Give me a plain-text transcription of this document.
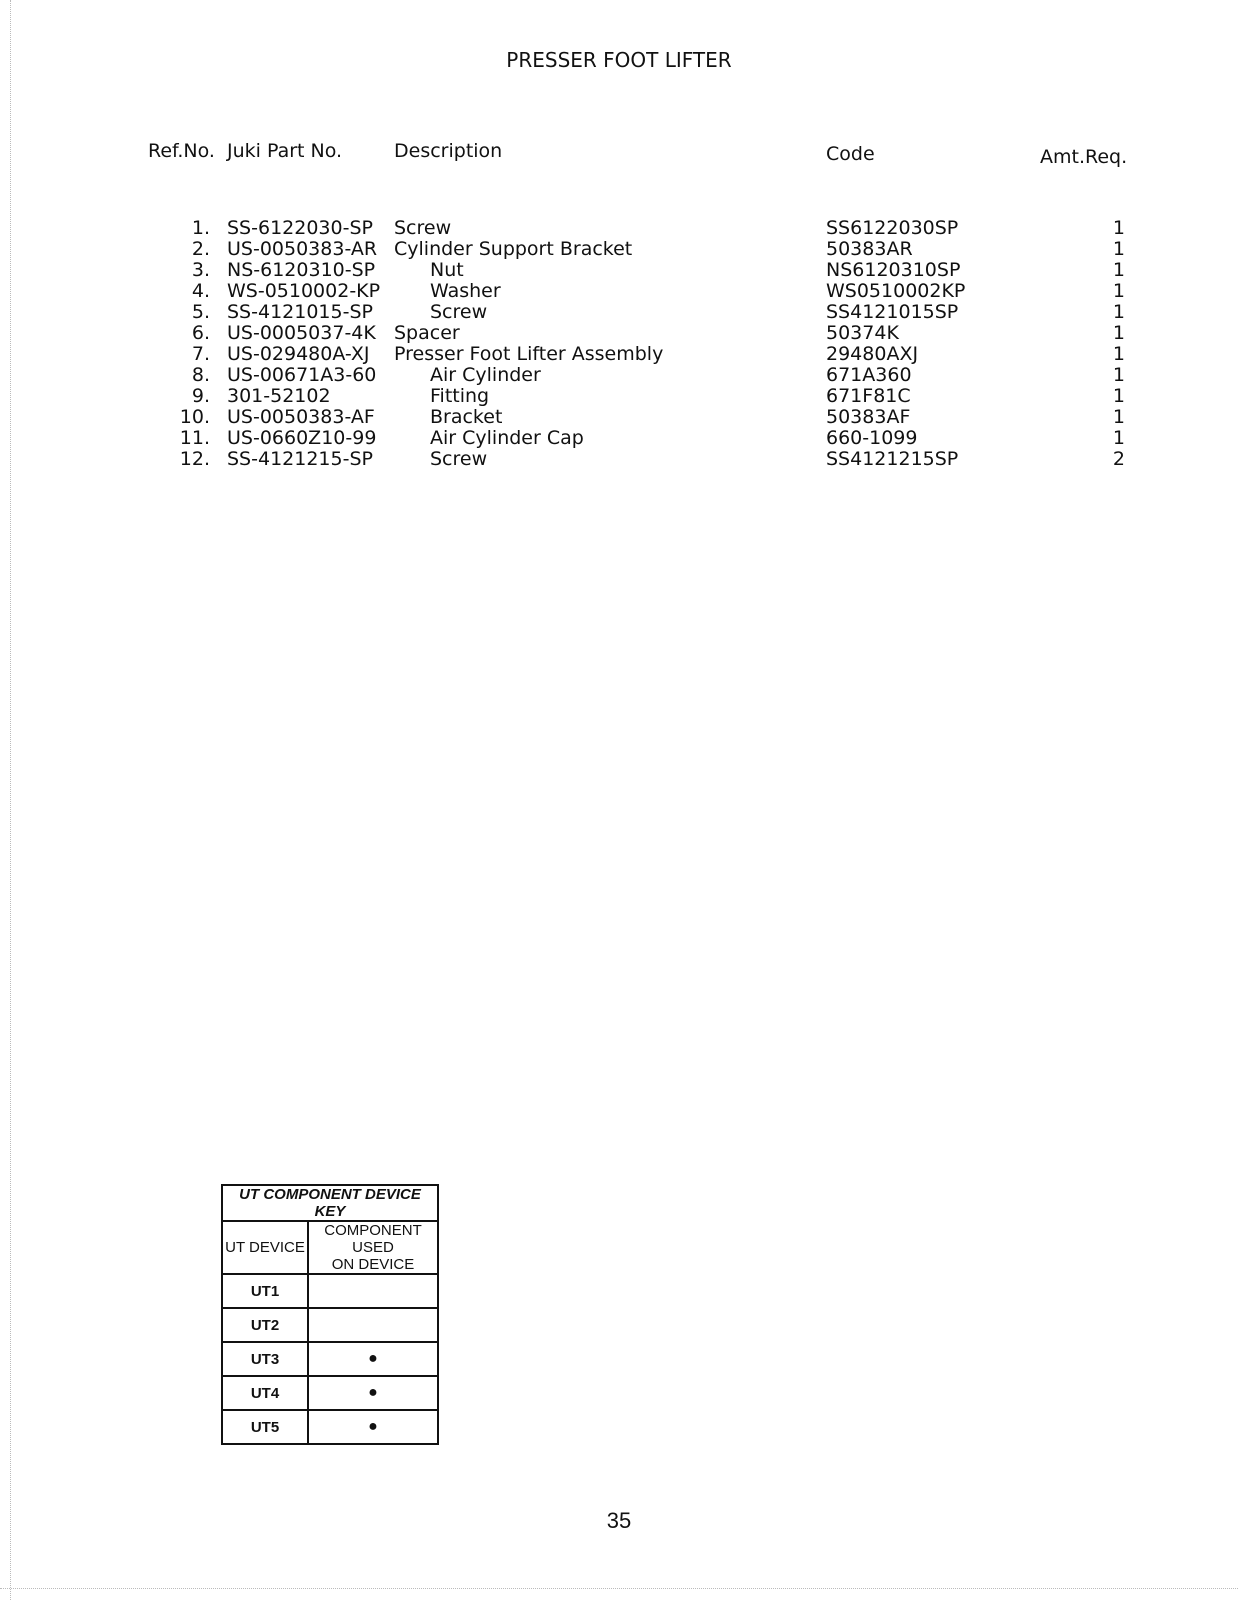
PRESSER FOOT LIFTER
Ref.No. Juki Part No.	Description	Code	Amt.Req.
1. SS-6122030-SP Screw	SS6122030SP	1
2. US-0050383-AR Cylinder Support Bracket	50383AR	1
3. NS-6120310-SP	Nut	NS6120310SP	1
4. WS-0510002-KP	Washer	WS0510002KP	1
5. SS-4121015-SP	Screw	SS4121015SP	1
6. US-0005037-4K Spacer	50374K	1
7. US-029480A-XJ Presser Foot Lifter Assembly	29480AXJ	1
8. US-00671A3-60	Air Cylinder	671A360	1
9. 301-52102	Fitting	671F81C	1
10. US-0050383-AF	Bracket	50383AF	1
11. US-0660Z10-99	Air Cylinder Cap	660-1099	1
12. SS-4121215-SP	Screw	SS4121215SP	2
UT COMPONENT DEVICE KEY	
UT DEVICE	COMPONENT USED
ON DEVICE

UT1	
UT2	
UT3	●
UT4	●
UT5	●
35
